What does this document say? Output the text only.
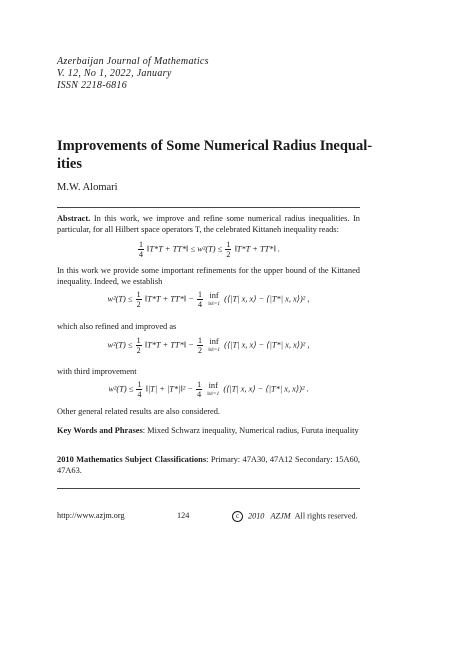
Azerbaijan Journal of Mathematics
V. 12, No 1, 2022, January
ISSN 2218-6816
Improvements of Some Numerical Radius Inequal-
ities
M.W. Alomari
Abstract. In this work, we improve and refine some numerical radius inequalities. In particular, for all Hilbert space operators T, the celebrated Kittaneh inequality reads:
$\frac{1}{4}$ ‖T*T + TT*‖ ≤ $w^2(T) \le \frac{1}{2}$ ‖T*T + TT*‖ .
In this work we provide some important refinements for the upper bound of the Kittaned inequality. Indeed, we establish
$w^2(T) \le \frac{1}{2}$ ‖T*T + TT*‖ − $\frac{1}{4}$
inf
‖x‖=1
(⟨|T| x, x⟩ − ⟨|T*| x, x⟩)² ,
which also refined and improved as
$w^2(T) \le \frac{1}{2}$ ‖T*T + TT*‖ − $\frac{1}{2}$
inf
‖x‖=1
(⟨|T| x, x⟩ − ⟨|T*| x, x⟩)² ,
with third improvement
$w^2(T) \le \frac{1}{4}$ ‖|T| + |T*|‖² − $\frac{1}{4}$
inf
‖x‖=1
(⟨|T| x, x⟩ − ⟨|T*| x, x⟩)² .
Other general related results are also considered.
Key Words and Phrases: Mixed Schwarz inequality, Numerical radius, Furuta inequality
2010 Mathematics Subject Classifications: Primary: 47A30, 47A12 Secondary: 15A60, 47A63.
http://www.azjm.org	124	c 2010 AZJM All rights reserved.
